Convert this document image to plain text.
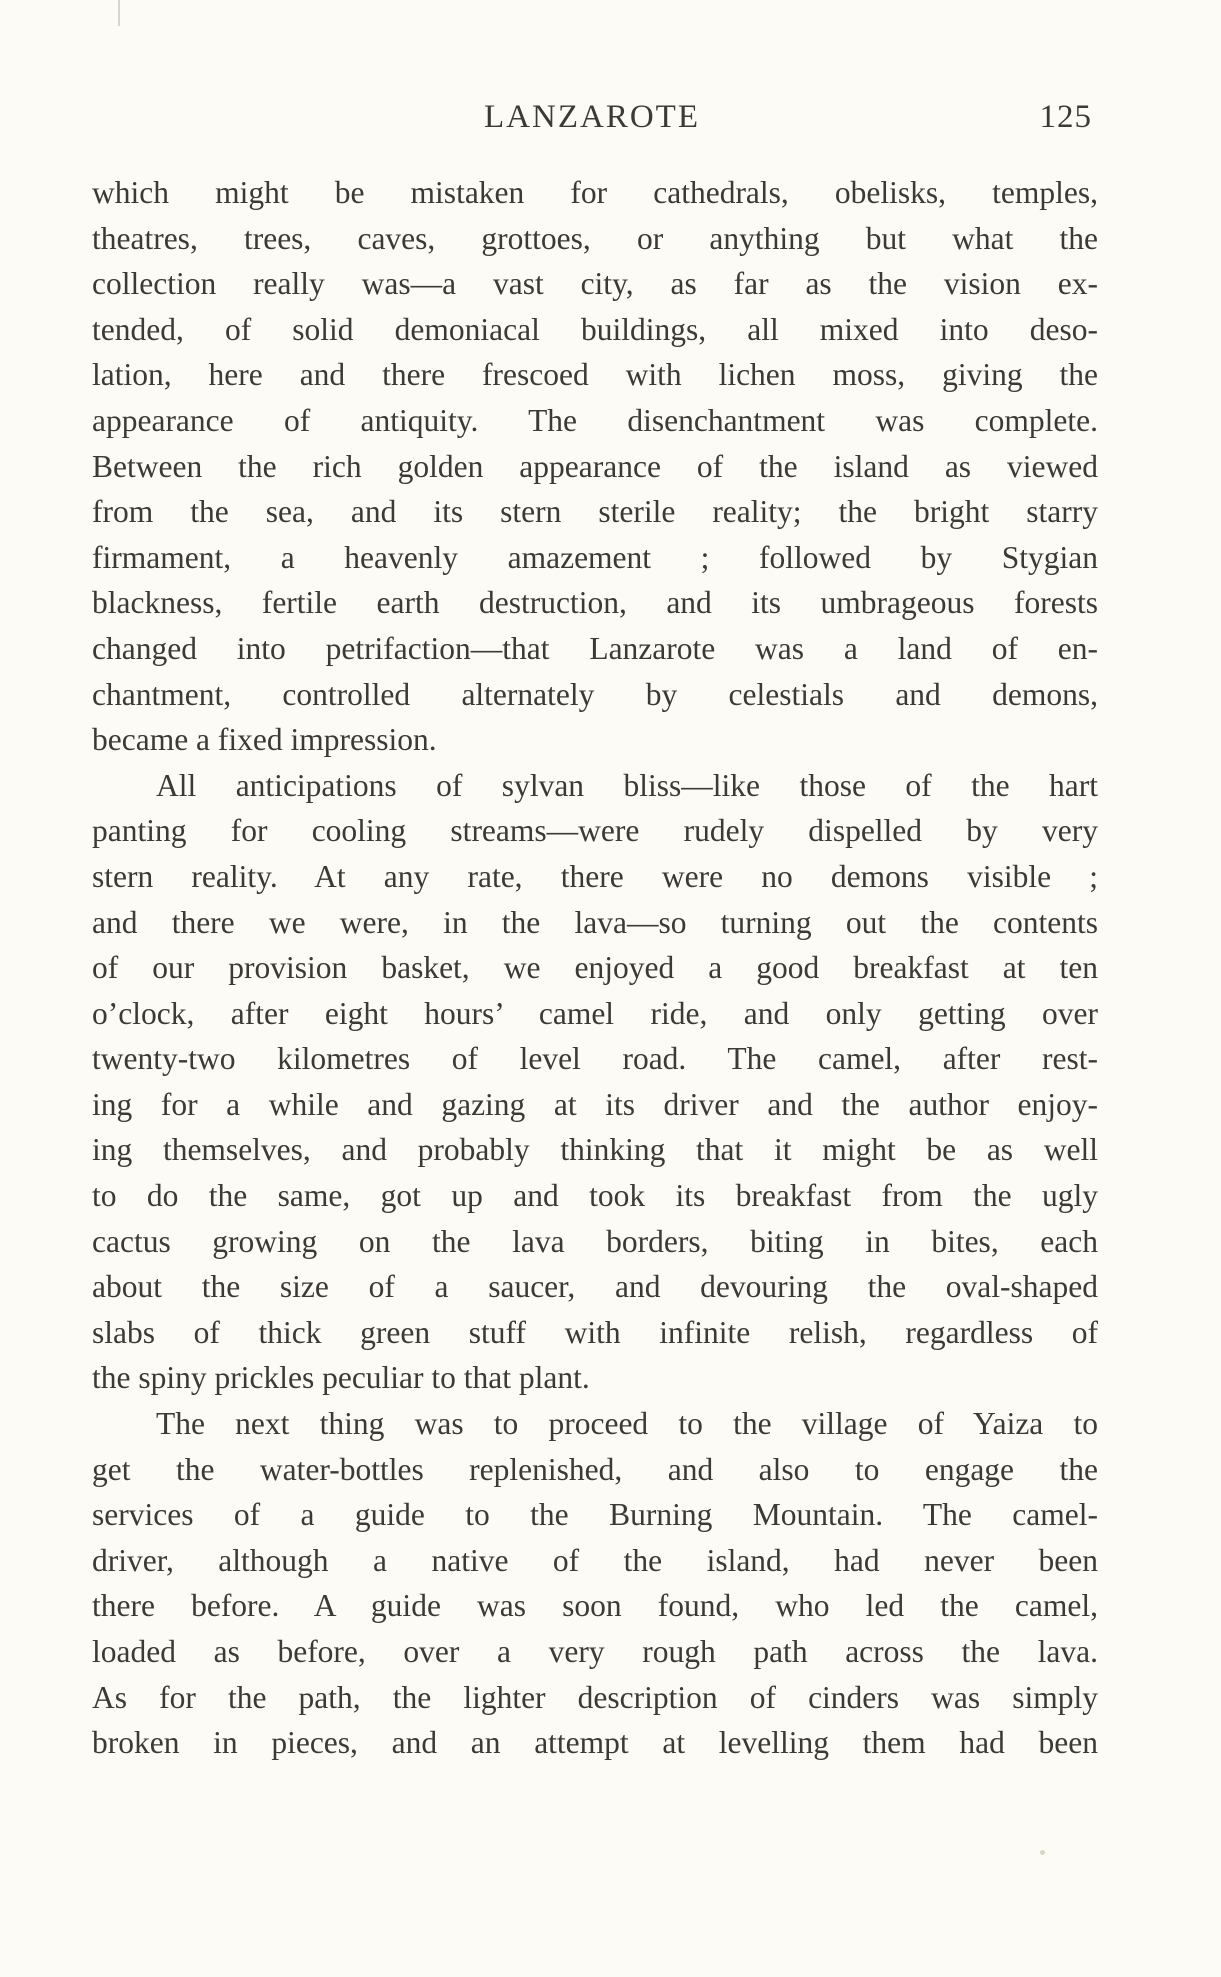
LANZAROTE	125
which might be mistaken for cathedrals, obelisks, temples,
theatres, trees, caves, grottoes, or anything but what the
collection really was—a vast city, as far as the vision ex-
tended, of solid demoniacal buildings, all mixed into deso-
lation, here and there frescoed with lichen moss, giving the
appearance of antiquity. The disenchantment was complete.
Between the rich golden appearance of the island as viewed
from the sea, and its stern sterile reality; the bright starry
firmament, a heavenly amazement ; followed by Stygian
blackness, fertile earth destruction, and its umbrageous forests
changed into petrifaction—that Lanzarote was a land of en-
chantment, controlled alternately by celestials and demons,
became a fixed impression.
All anticipations of sylvan bliss—like those of the hart
panting for cooling streams—were rudely dispelled by very
stern reality. At any rate, there were no demons visible ;
and there we were, in the lava—so turning out the contents
of our provision basket, we enjoyed a good breakfast at ten
o’clock, after eight hours’ camel ride, and only getting over
twenty-two kilometres of level road. The camel, after rest-
ing for a while and gazing at its driver and the author enjoy-
ing themselves, and probably thinking that it might be as well
to do the same, got up and took its breakfast from the ugly
cactus growing on the lava borders, biting in bites, each
about the size of a saucer, and devouring the oval-shaped
slabs of thick green stuff with infinite relish, regardless of
the spiny prickles peculiar to that plant.
The next thing was to proceed to the village of Yaiza to
get the water-bottles replenished, and also to engage the
services of a guide to the Burning Mountain. The camel-
driver, although a native of the island, had never been
there before. A guide was soon found, who led the camel,
loaded as before, over a very rough path across the lava.
As for the path, the lighter description of cinders was simply
broken in pieces, and an attempt at levelling them had been
